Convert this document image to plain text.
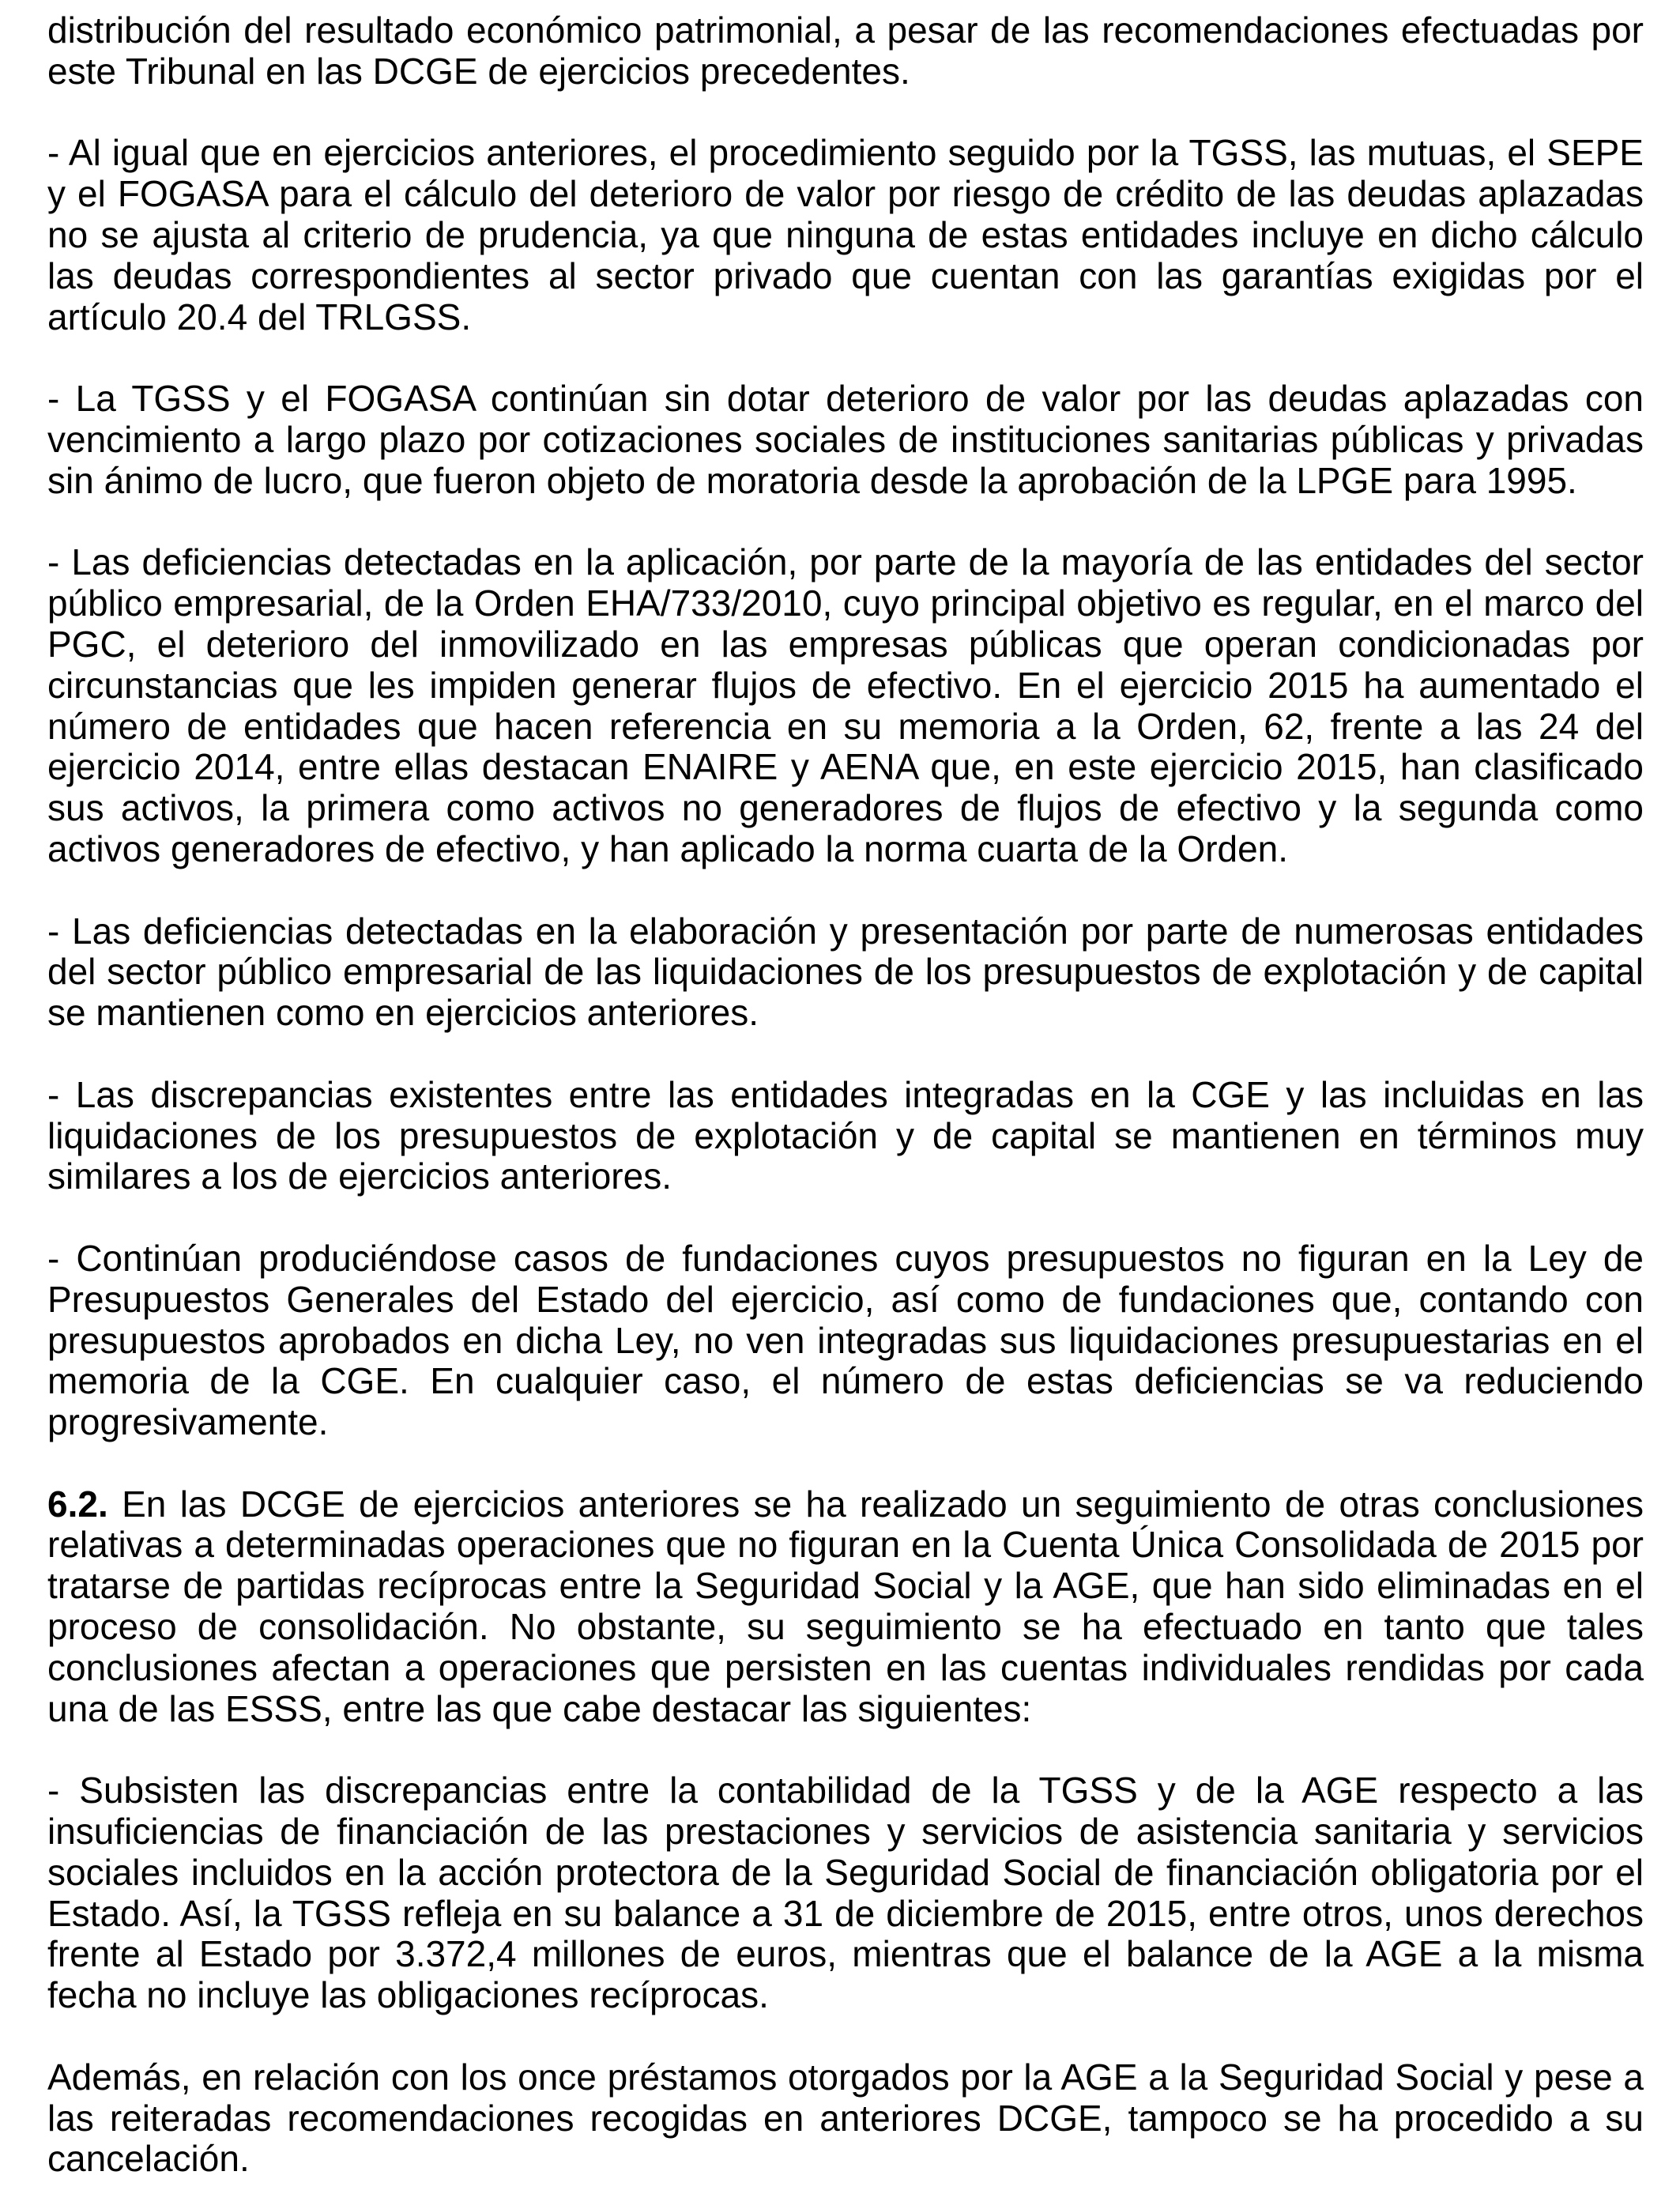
distribución del resultado económico patrimonial, a pesar de las recomendaciones efectuadas por
este Tribunal en las DCGE de ejercicios precedentes.
- Al igual que en ejercicios anteriores, el procedimiento seguido por la TGSS, las mutuas, el SEPE
y el FOGASA para el cálculo del deterioro de valor por riesgo de crédito de las deudas aplazadas
no se ajusta al criterio de prudencia, ya que ninguna de estas entidades incluye en dicho cálculo
las deudas correspondientes al sector privado que cuentan con las garantías exigidas por el
artículo 20.4 del TRLGSS.
- La TGSS y el FOGASA continúan sin dotar deterioro de valor por las deudas aplazadas con
vencimiento a largo plazo por cotizaciones sociales de instituciones sanitarias públicas y privadas
sin ánimo de lucro, que fueron objeto de moratoria desde la aprobación de la LPGE para 1995.
- Las deficiencias detectadas en la aplicación, por parte de la mayoría de las entidades del sector
público empresarial, de la Orden EHA/733/2010, cuyo principal objetivo es regular, en el marco del
PGC, el deterioro del inmovilizado en las empresas públicas que operan condicionadas por
circunstancias que les impiden generar flujos de efectivo. En el ejercicio 2015 ha aumentado el
número de entidades que hacen referencia en su memoria a la Orden, 62, frente a las 24 del
ejercicio 2014, entre ellas destacan ENAIRE y AENA que, en este ejercicio 2015, han clasificado
sus activos, la primera como activos no generadores de flujos de efectivo y la segunda como
activos generadores de efectivo, y han aplicado la norma cuarta de la Orden.
- Las deficiencias detectadas en la elaboración y presentación por parte de numerosas entidades
del sector público empresarial de las liquidaciones de los presupuestos de explotación y de capital
se mantienen como en ejercicios anteriores.
- Las discrepancias existentes entre las entidades integradas en la CGE y las incluidas en las
liquidaciones de los presupuestos de explotación y de capital se mantienen en términos muy
similares a los de ejercicios anteriores.
- Continúan produciéndose casos de fundaciones cuyos presupuestos no figuran en la Ley de
Presupuestos Generales del Estado del ejercicio, así como de fundaciones que, contando con
presupuestos aprobados en dicha Ley, no ven integradas sus liquidaciones presupuestarias en el
memoria de la CGE. En cualquier caso, el número de estas deficiencias se va reduciendo
progresivamente.
6.2. En las DCGE de ejercicios anteriores se ha realizado un seguimiento de otras conclusiones
relativas a determinadas operaciones que no figuran en la Cuenta Única Consolidada de 2015 por
tratarse de partidas recíprocas entre la Seguridad Social y la AGE, que han sido eliminadas en el
proceso de consolidación. No obstante, su seguimiento se ha efectuado en tanto que tales
conclusiones afectan a operaciones que persisten en las cuentas individuales rendidas por cada
una de las ESSS, entre las que cabe destacar las siguientes:
- Subsisten las discrepancias entre la contabilidad de la TGSS y de la AGE respecto a las
insuficiencias de financiación de las prestaciones y servicios de asistencia sanitaria y servicios
sociales incluidos en la acción protectora de la Seguridad Social de financiación obligatoria por el
Estado. Así, la TGSS refleja en su balance a 31 de diciembre de 2015, entre otros, unos derechos
frente al Estado por 3.372,4 millones de euros, mientras que el balance de la AGE a la misma
fecha no incluye las obligaciones recíprocas.
Además, en relación con los once préstamos otorgados por la AGE a la Seguridad Social y pese a
las reiteradas recomendaciones recogidas en anteriores DCGE, tampoco se ha procedido a su
cancelación.
